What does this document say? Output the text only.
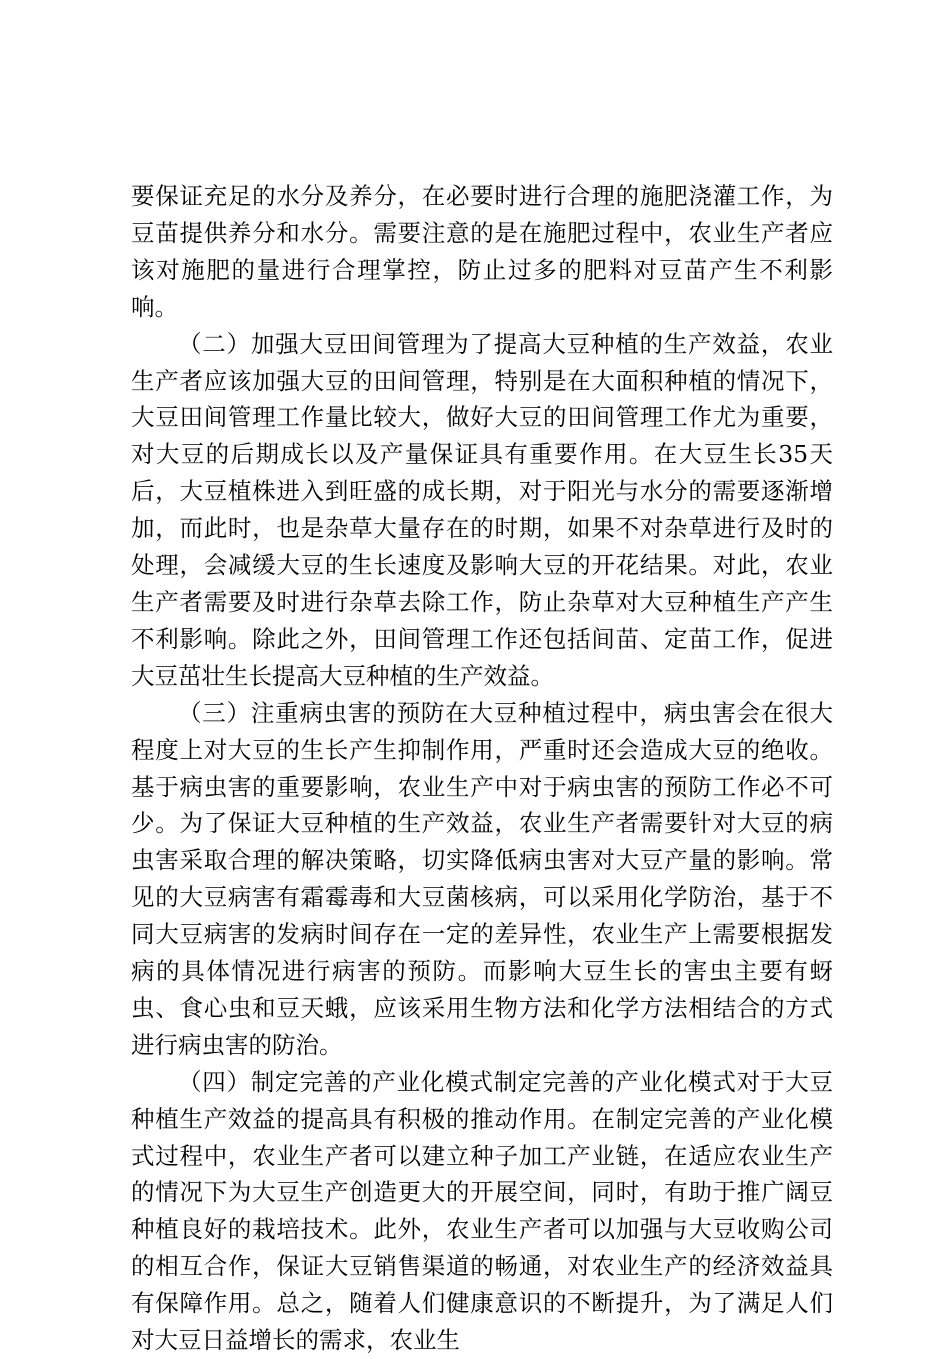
要保证充足的水分及养分，在必要时进行合理的施肥浇灌工作，为豆苗提供养分和水分。需要注意的是在施肥过程中，农业生产者应该对施肥的量进行合理掌控，防止过多的肥料对豆苗产生不利影响。

（二）加强大豆田间管理为了提高大豆种植的生产效益，农业生产者应该加强大豆的田间管理，特别是在大面积种植的情况下，大豆田间管理工作量比较大，做好大豆的田间管理工作尤为重要，对大豆的后期成长以及产量保证具有重要作用。在大豆生长35天后，大豆植株进入到旺盛的成长期，对于阳光与水分的需要逐渐增加，而此时，也是杂草大量存在的时期，如果不对杂草进行及时的处理，会减缓大豆的生长速度及影响大豆的开花结果。对此，农业生产者需要及时进行杂草去除工作，防止杂草对大豆种植生产产生不利影响。除此之外，田间管理工作还包括间苗、定苗工作，促进大豆茁壮生长提高大豆种植的生产效益。

（三）注重病虫害的预防在大豆种植过程中，病虫害会在很大程度上对大豆的生长产生抑制作用，严重时还会造成大豆的绝收。基于病虫害的重要影响，农业生产中对于病虫害的预防工作必不可少。为了保证大豆种植的生产效益，农业生产者需要针对大豆的病虫害采取合理的解决策略，切实降低病虫害对大豆产量的影响。常见的大豆病害有霜霉毒和大豆菌核病，可以采用化学防治，基于不同大豆病害的发病时间存在一定的差异性，农业生产上需要根据发病的具体情况进行病害的预防。而影响大豆生长的害虫主要有蚜虫、食心虫和豆天蛾，应该采用生物方法和化学方法相结合的方式进行病虫害的防治。

（四）制定完善的产业化模式制定完善的产业化模式对于大豆种植生产效益的提高具有积极的推动作用。在制定完善的产业化模式过程中，农业生产者可以建立种子加工产业链，在适应农业生产的情况下为大豆生产创造更大的开展空间，同时，有助于推广阔豆种植良好的栽培技术。此外，农业生产者可以加强与大豆收购公司的相互合作，保证大豆销售渠道的畅通，对农业生产的经济效益具有保障作用。总之，随着人们健康意识的不断提升，为了满足人们对大豆日益增长的需求，农业生
